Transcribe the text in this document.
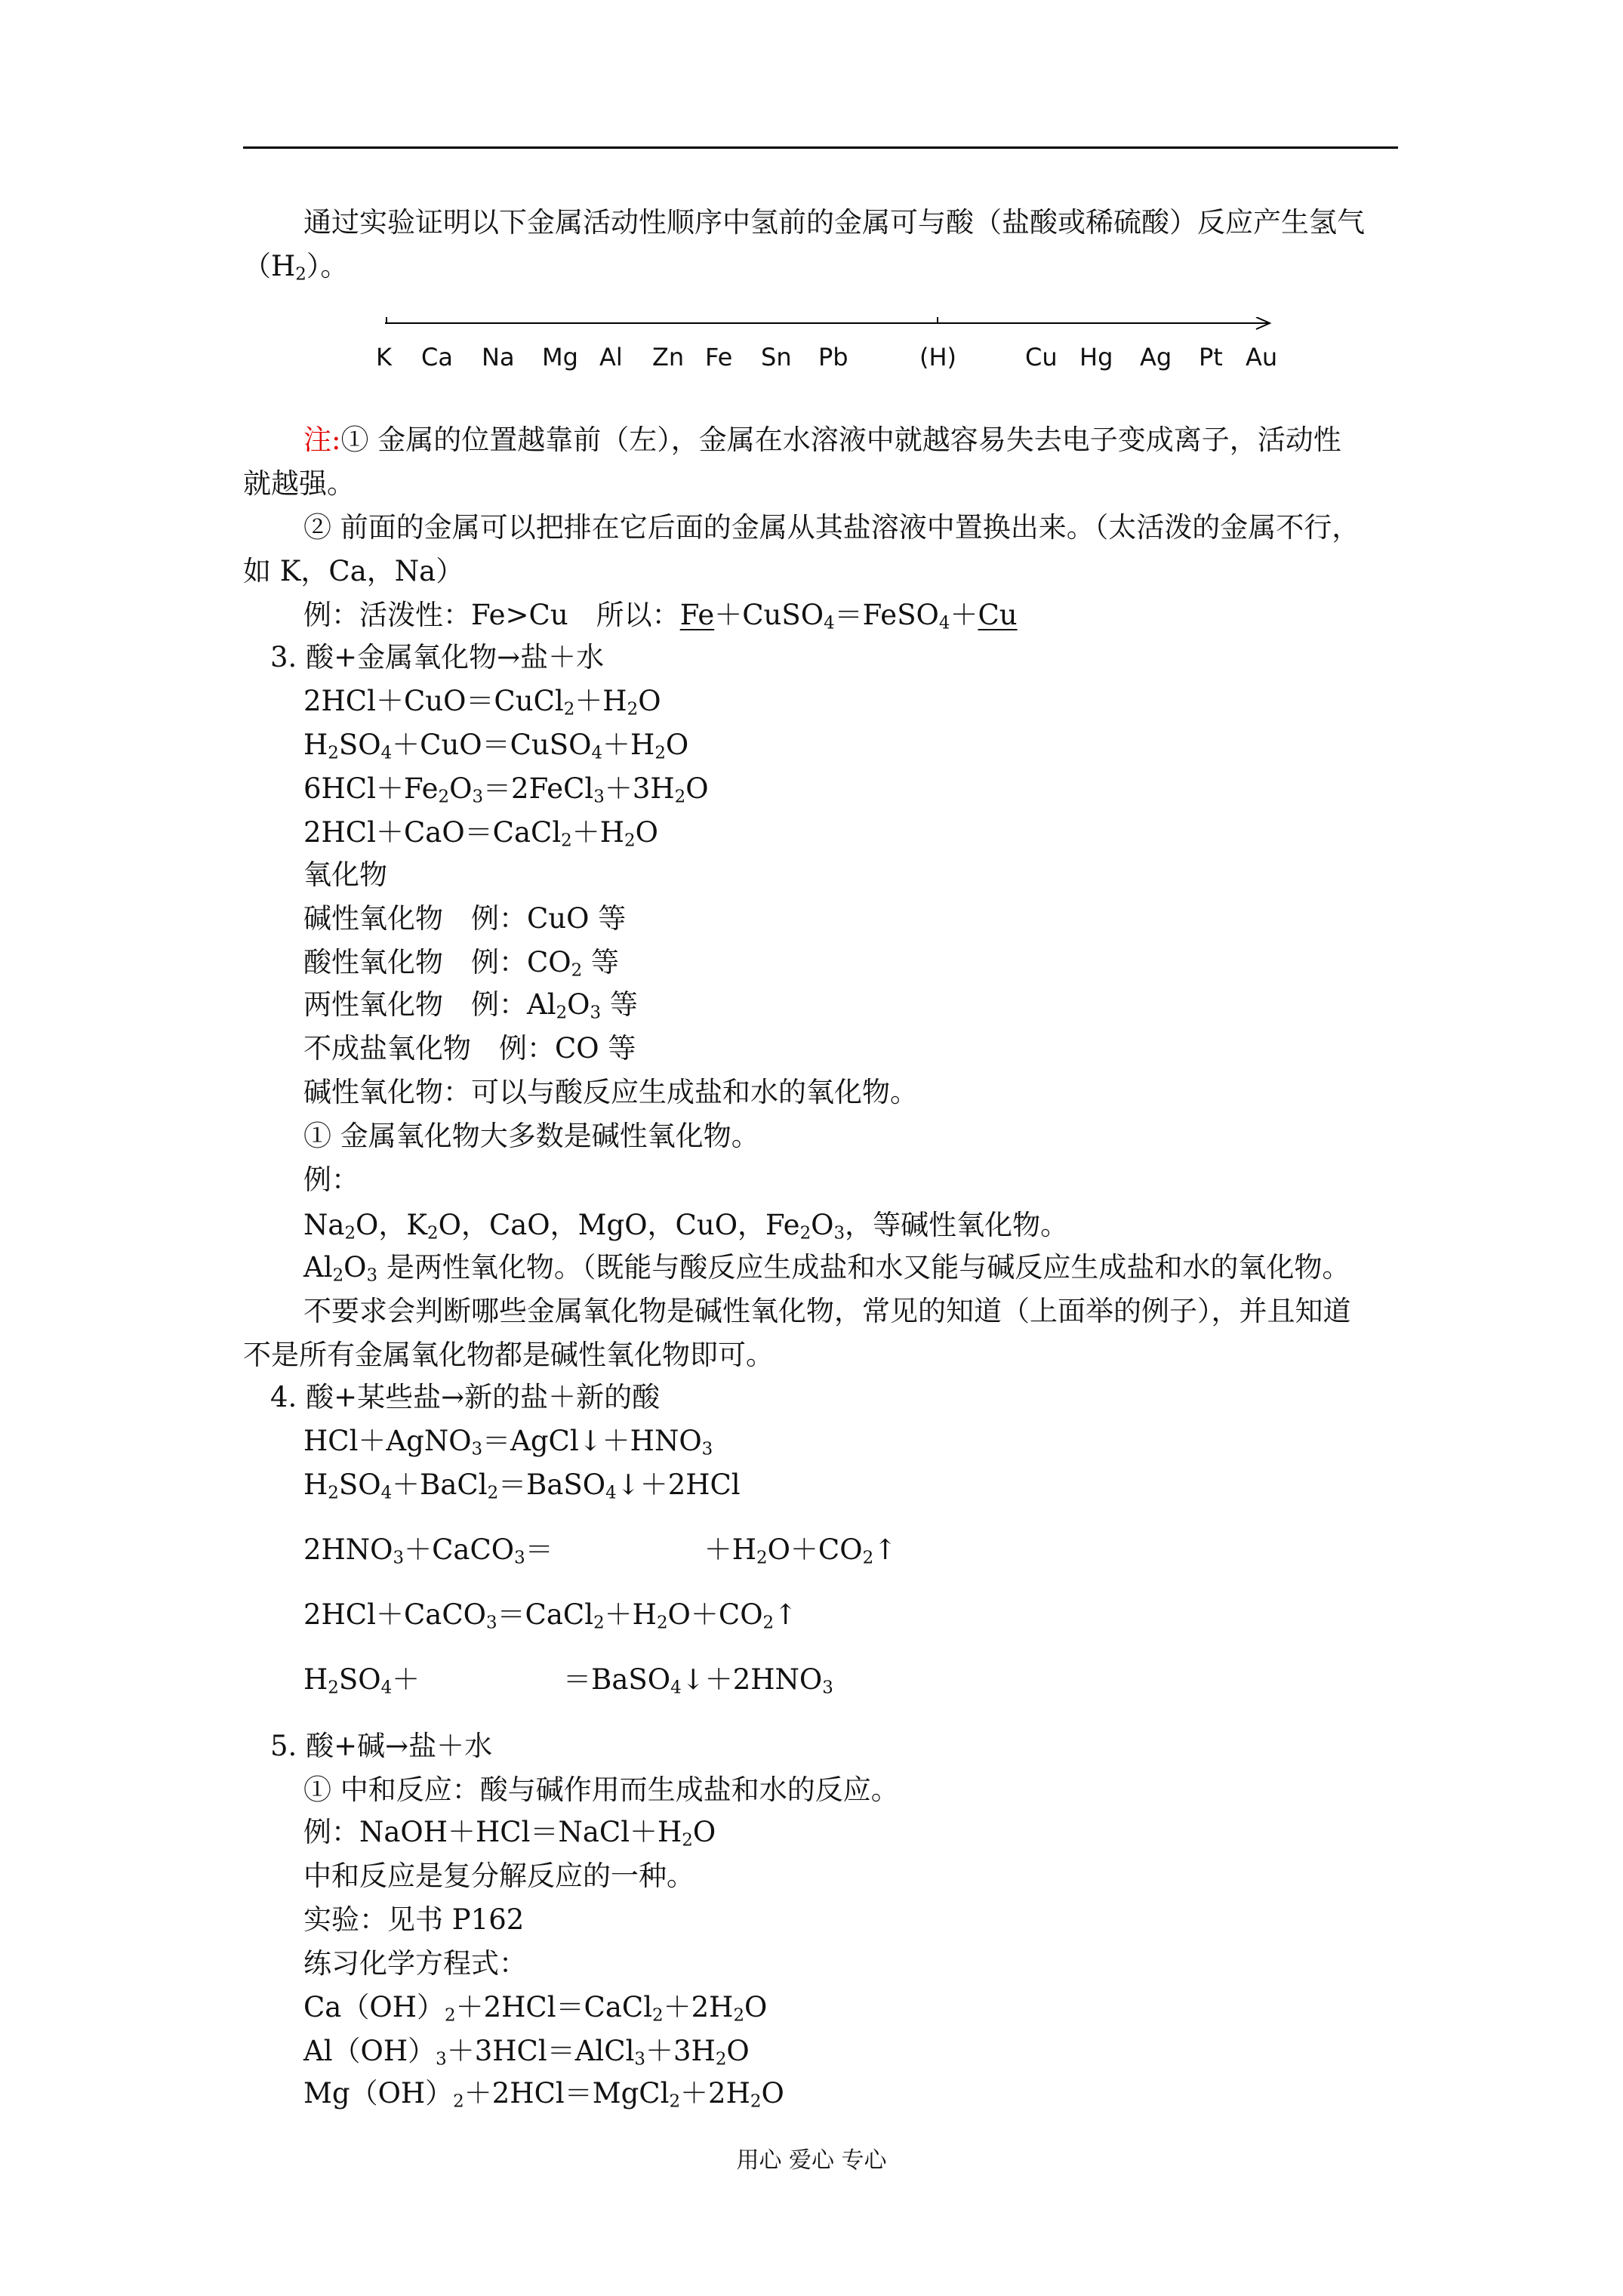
通过实验证明以下金属活动性顺序中氢前的金属可与酸（盐酸或稀硫酸）反应产生氢气
$(H_2)$。
K Ca Na Mg Al Zn Fe Sn Pb	(H)	Cu Hg Ag Pt Au
注:① 金属的位置越靠前（左），金属在水溶液中就越容易失去电子变成离子，活动性
就越强。
② 前面的金属可以把排在它后面的金属从其盐溶液中置换出来。（太活泼的金属不行，
如 K，Ca，Na）
例：活泼性：Fe>Cu　所以：Fe＋CuSO$_4$＝FeSO$_4$＋Cu
3. 酸+金属氧化物→盐＋水
$2HCl+CuO=CuCl_2+H_2O$
$H_2SO_4+CuO=CuSO_4+H_2O$
$6HCl+Fe_2O_3=2FeCl_3+3H_2O$
$2HCl+CaO=CaCl_2+H_2O$
氧化物
碱性氧化物　例：CuO 等
酸性氧化物　例：$CO_2$ 等
两性氧化物　例：$Al_2O_3$ 等
不成盐氧化物　例：CO 等
碱性氧化物：可以与酸反应生成盐和水的氧化物。
① 金属氧化物大多数是碱性氧化物。
例：
$Na_2O$，$K_2O$，CaO，MgO，CuO，$Fe_2O_3$，等碱性氧化物。
$Al_2O_3$ 是两性氧化物。（既能与酸反应生成盐和水又能与碱反应生成盐和水的氧化物。
不要求会判断哪些金属氧化物是碱性氧化物，常见的知道（上面举的例子），并且知道
不是所有金属氧化物都是碱性氧化物即可。
4. 酸+某些盐→新的盐＋新的酸
$HCl+AgNO_3=AgCl↓+HNO_3$
$H_2SO_4+BaCl_2=BaSO_4↓+2HCl$
$2HNO_3+CaCO_3=$	$+H_2O+CO_2↑$
$2HCl+CaCO_3=CaCl_2+H_2O+CO_2↑$
$H_2SO_4+$	$=BaSO_4↓+2HNO_3$
5. 酸+碱→盐＋水
① 中和反应：酸与碱作用而生成盐和水的反应。
例：$NaOH+HCl=NaCl+H_2O$
中和反应是复分解反应的一种。
实验：见书 P162
练习化学方程式：
$Ca(OH)_2+2HCl=CaCl_2+2H_2O$
$Al(OH)_3+3HCl=AlCl_3+3H_2O$
$Mg(OH)_2+2HCl=MgCl_2+2H_2O$
用心 爱心 专心
